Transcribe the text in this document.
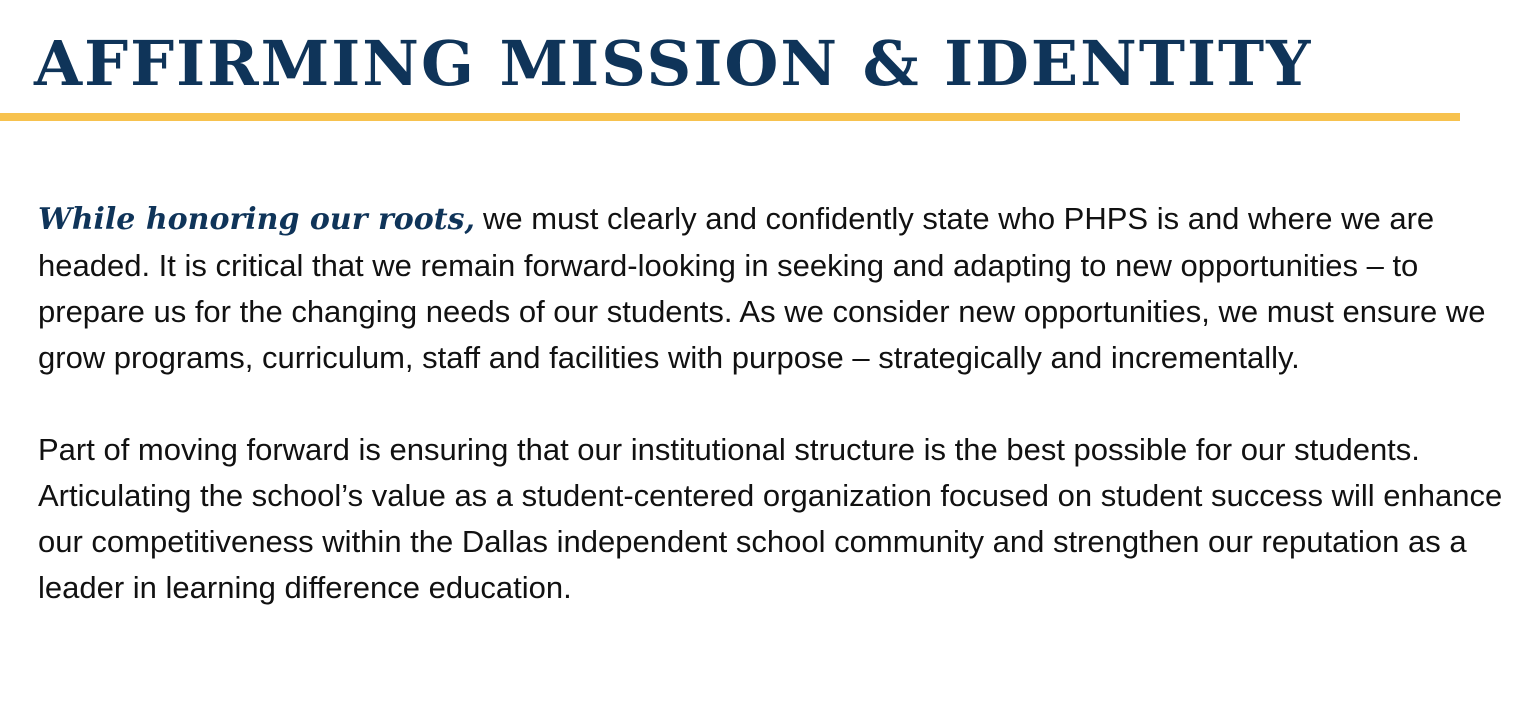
AFFIRMING MISSION & IDENTITY

While honoring our roots, we must clearly and confidently state who PHPS is and where we are headed. It is critical that we remain forward-looking in seeking and adapting to new opportunities – to prepare us for the changing needs of our students. As we consider new opportunities, we must ensure we grow programs, curriculum, staff and facilities with purpose – strategically and incrementally.

Part of moving forward is ensuring that our institutional structure is the best possible for our students. Articulating the school’s value as a student-centered organization focused on student success will enhance our competitiveness within the Dallas independent school community and strengthen our reputation as a leader in learning difference education.
